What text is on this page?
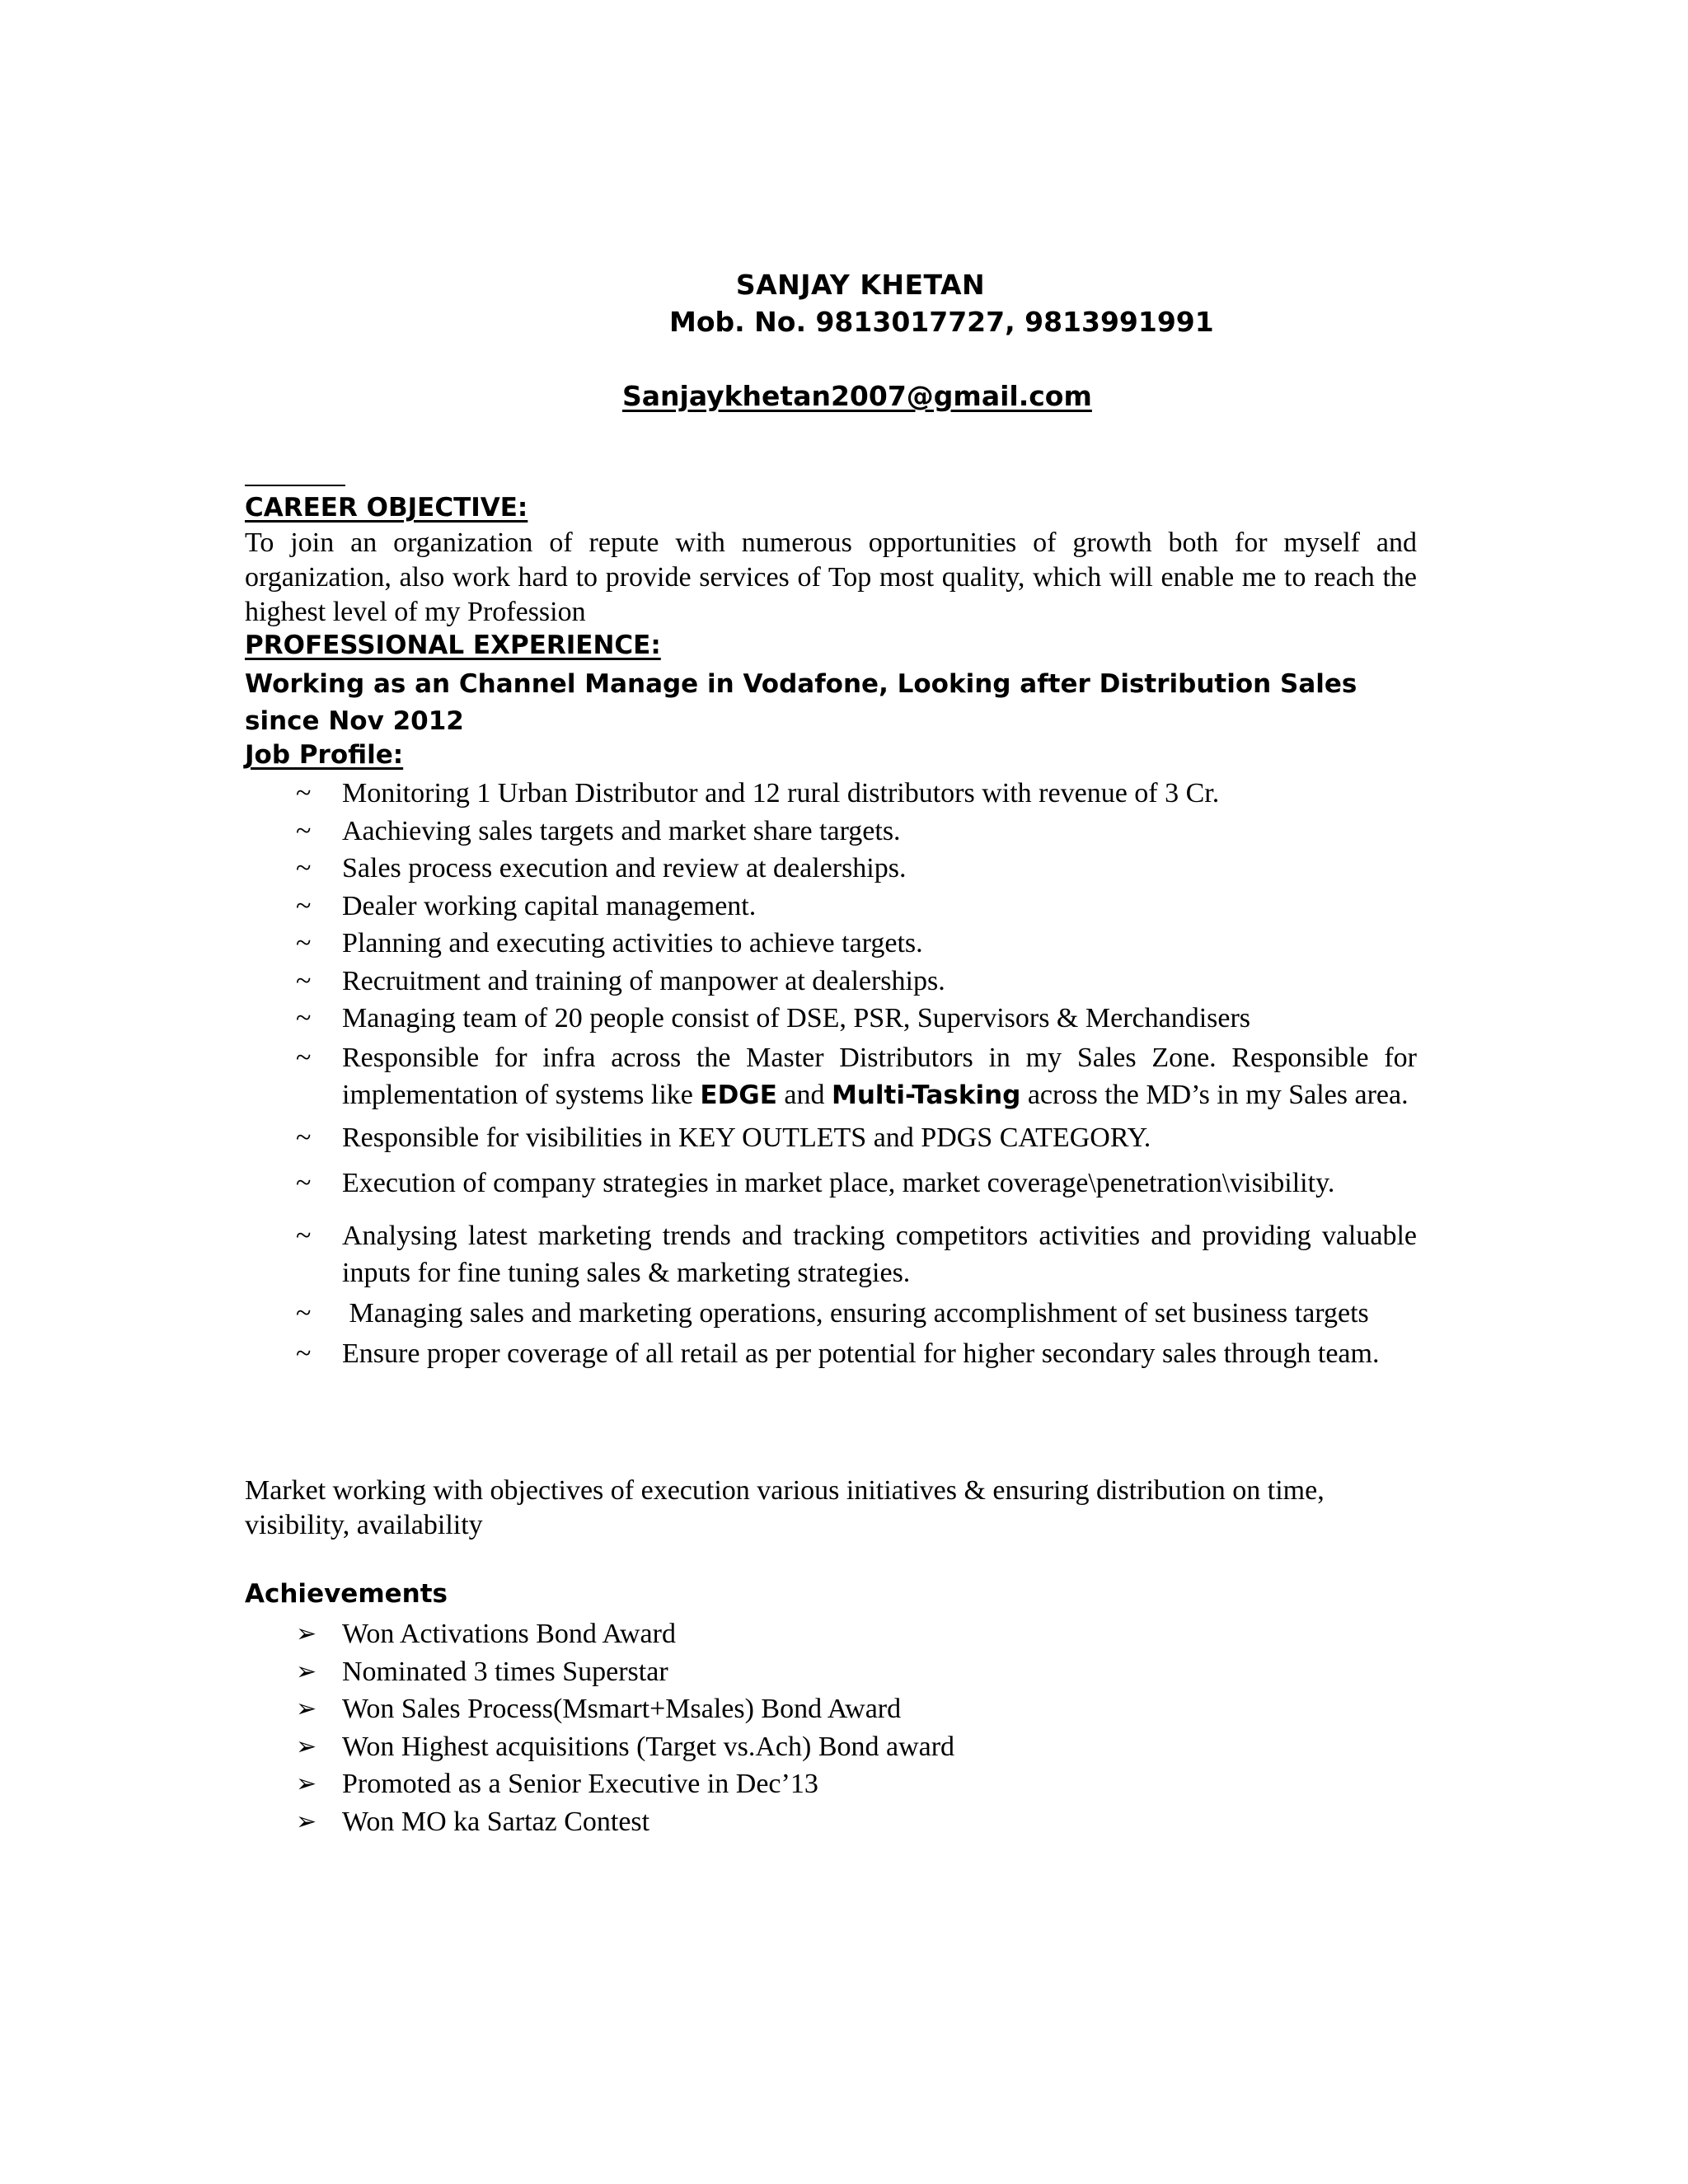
SANJAY KHETAN
Mob. No. 9813017727, 9813991991
Sanjaykhetan2007@gmail.com
CAREER OBJECTIVE:
To join an organization of repute with numerous opportunities of growth both for myself and organization, also work hard to provide services of Top most quality, which will enable me to reach the highest level of my Profession
PROFESSIONAL EXPERIENCE:
Working as an Channel Manage in Vodafone, Looking after Distribution Sales since Nov 2012
Job Profile:
~ Monitoring 1 Urban Distributor and 12 rural distributors with revenue of 3 Cr.
~ Aachieving sales targets and market share targets.
~ Sales process execution and review at dealerships.
~ Dealer working capital management.
~ Planning and executing activities to achieve targets.
~ Recruitment and training of manpower at dealerships.
~ Managing team of 20 people consist of DSE, PSR, Supervisors & Merchandisers
~ Responsible for infra across the Master Distributors in my Sales Zone. Responsible for implementation of systems like EDGE and Multi-Tasking across the MD’s in my Sales area.
~ Responsible for visibilities in KEY OUTLETS and PDGS CATEGORY.
~ Execution of company strategies in market place, market coverage\penetration\visibility.
~ Analysing latest marketing trends and tracking competitors activities and providing valuable inputs for fine tuning sales & marketing strategies.
~ Managing sales and marketing operations, ensuring accomplishment of set business targets
~ Ensure proper coverage of all retail as per potential for higher secondary sales through team.
Market working with objectives of execution various initiatives & ensuring distribution on time, visibility, availability
Achievements
➢ Won Activations Bond Award
➢ Nominated 3 times Superstar
➢ Won Sales Process(Msmart+Msales) Bond Award
➢ Won Highest acquisitions (Target vs.Ach) Bond award
➢ Promoted as a Senior Executive in Dec’13
➢ Won MO ka Sartaz Contest
